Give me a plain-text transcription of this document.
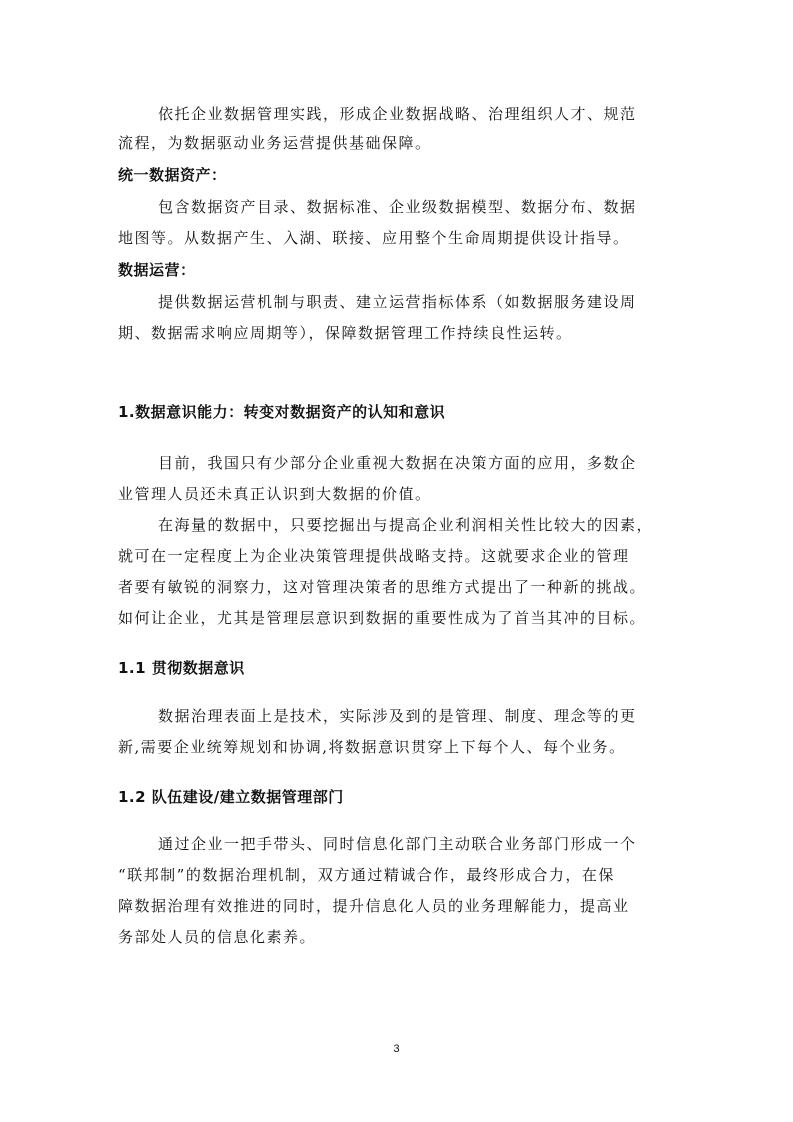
依托企业数据管理实践，形成企业数据战略、治理组织人才、规范
流程，为数据驱动业务运营提供基础保障。
统一数据资产：
包含数据资产目录、数据标准、企业级数据模型、数据分布、数据
地图等。从数据产生、入湖、联接、应用整个生命周期提供设计指导。
数据运营：
提供数据运营机制与职责、建立运营指标体系（如数据服务建设周
期、数据需求响应周期等），保障数据管理工作持续良性运转。
1.数据意识能力：转变对数据资产的认知和意识
目前，我国只有少部分企业重视大数据在决策方面的应用，多数企
业管理人员还未真正认识到大数据的价值。
在海量的数据中，只要挖掘出与提高企业利润相关性比较大的因素，
就可在一定程度上为企业决策管理提供战略支持。这就要求企业的管理
者要有敏锐的洞察力，这对管理决策者的思维方式提出了一种新的挑战。
如何让企业，尤其是管理层意识到数据的重要性成为了首当其冲的目标。
1.1 贯彻数据意识
数据治理表面上是技术，实际涉及到的是管理、制度、理念等的更
新,需要企业统筹规划和协调,将数据意识贯穿上下每个人、每个业务。
1.2 队伍建设/建立数据管理部门
通过企业一把手带头、同时信息化部门主动联合业务部门形成一个
“联邦制”的数据治理机制，双方通过精诚合作，最终形成合力，在保
障数据治理有效推进的同时，提升信息化人员的业务理解能力，提高业
务部处人员的信息化素养。
3
